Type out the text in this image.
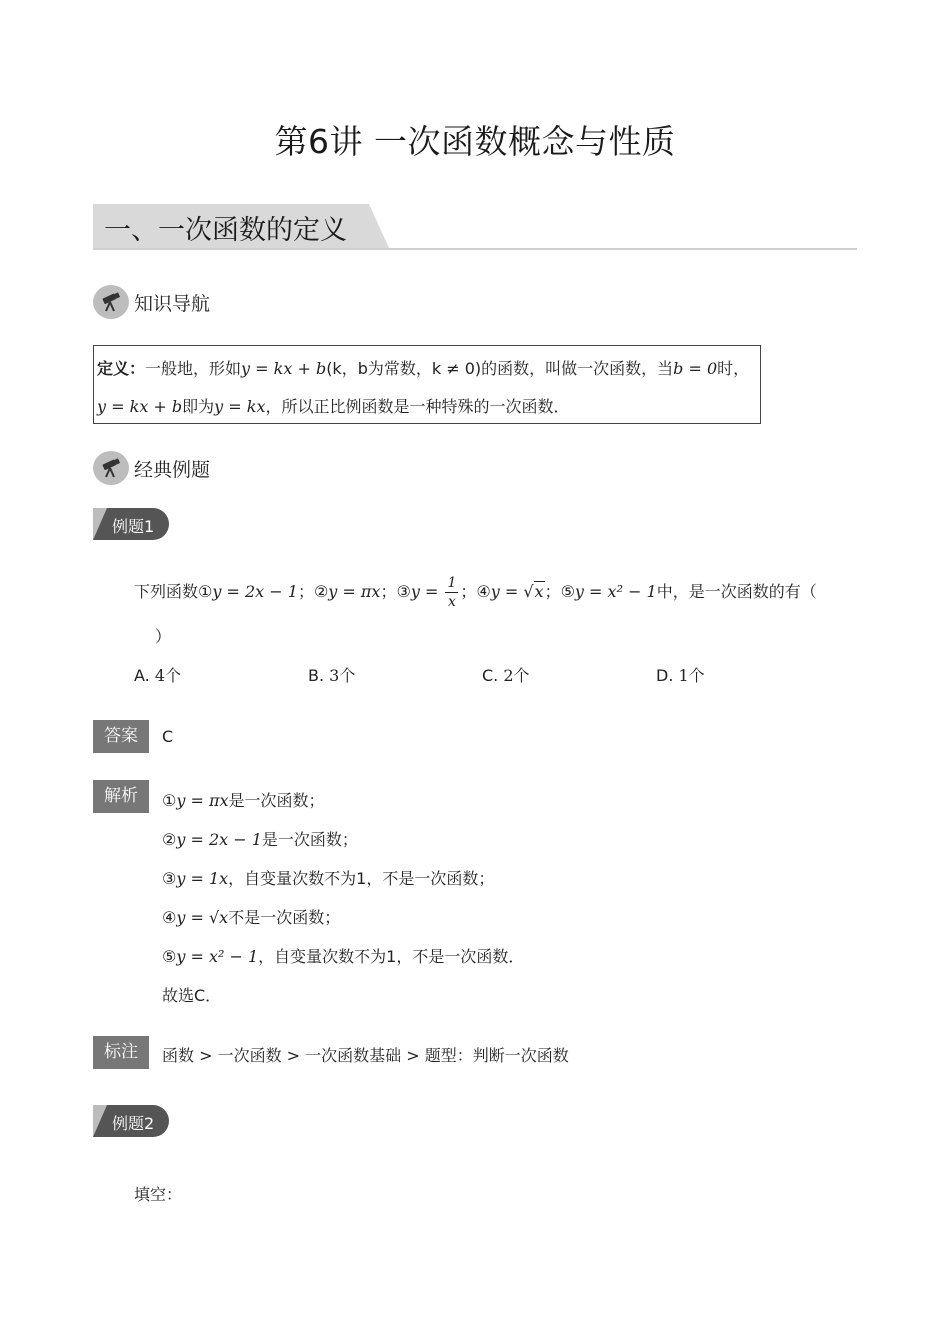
第6讲 一次函数概念与性质
一、一次函数的定义
知识导航
定义：一般地，形如y = kx + b(k，b为常数，k ≠ 0)的函数，叫做一次函数，当b = 0时，
y = kx + b即为y = kx，所以正比例函数是一种特殊的一次函数．
经典例题
例题1
下列函数①y = 2x − 1；②y = πx；③y = $\frac{1}{x}$ ；④y = √x；⑤y = x² − 1中，是一次函数的有（
）
A. 4个	B. 3个	C. 2个	D. 1个
答案	C
解析	①y = πx是一次函数；
②y = 2x − 1是一次函数；
③y = 1x，自变量次数不为1，不是一次函数；
④y = √x不是一次函数；
⑤y = x² − 1，自变量次数不为1，不是一次函数．
故选C．
标注	函数 > 一次函数 > 一次函数基础 > 题型：判断一次函数
例题2
填空：
